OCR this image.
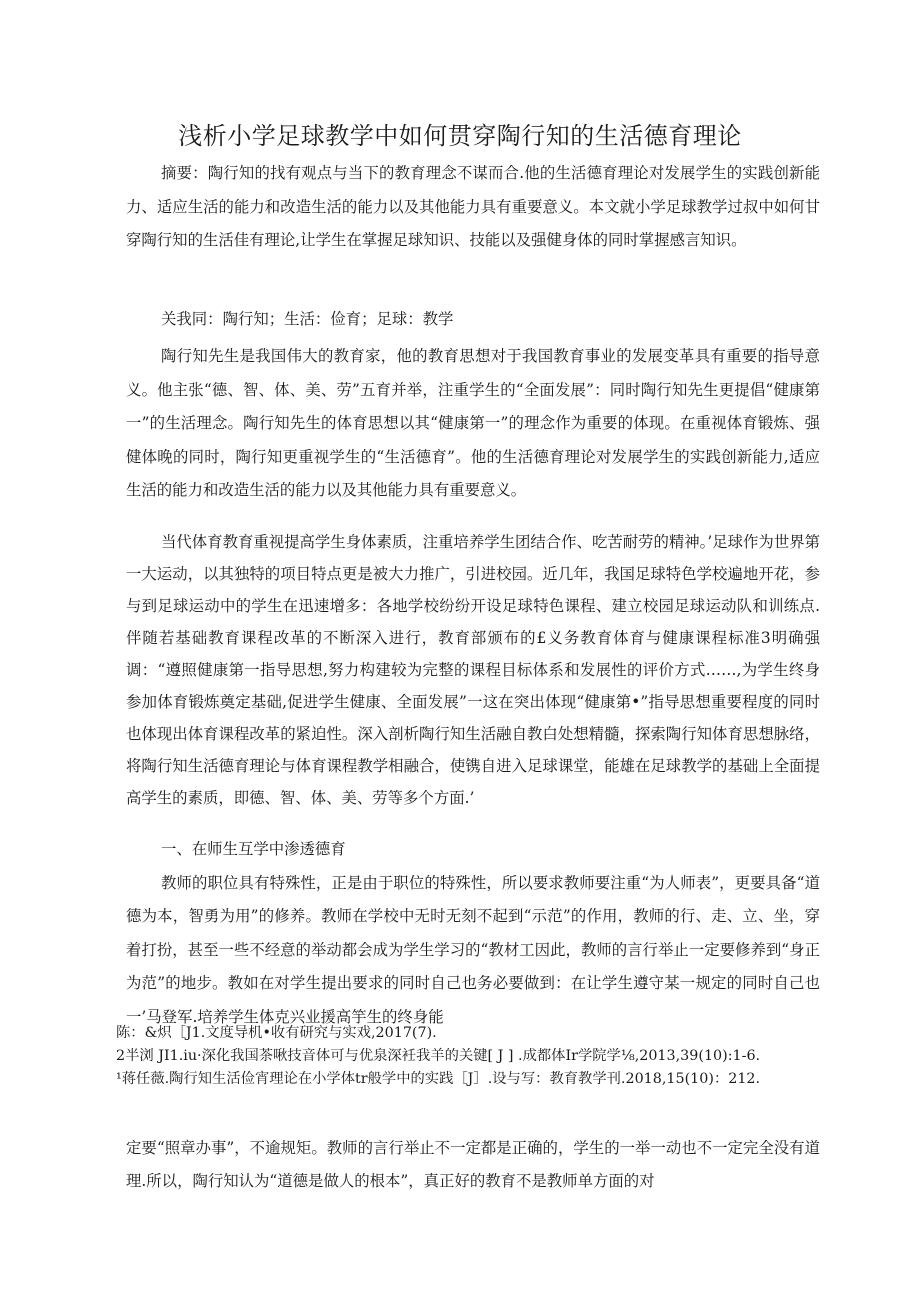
浅析小学足球教学中如何贯穿陶行知的生活德育理论

摘要：陶行知的找有观点与当下的教育理念不谋而合.他的生活德育理论对发展学生的实践创新能力、适应生活的能力和改造生活的能力以及其他能力具有重要意义。本文就小学足球教学过叔中如何甘穿陶行知的生活佳有理论,让学生在掌握足球知识、技能以及强健身体的同时掌握感言知识。

关我同：陶行知；生活：俭育；足球：教学

陶行知先生是我国伟大的教育家，他的教育思想对于我国教育事业的发展变革具有重要的指导意义。他主张“德、智、体、美、劳”五育并举，注重学生的“全面发展”：同时陶行知先生更提倡“健康第一”的生活理念。陶行知先生的体育思想以其“健康第一”的理念作为重要的体现。在重视体育锻炼、强健体晚的同时，陶行知更重视学生的“生活德育”。他的生活德育理论对发展学生的实践创新能力,适应生活的能力和改造生活的能力以及其他能力具有重要意义。

当代体育教育重视提高学生身体素质，注重培养学生团结合作、吃苦耐劳的精神。’足球作为世界第一大运动，以其独特的项目特点更是被大力推广，引进校园。近几年，我国足球特色学校遍地开花，参与到足球运动中的学生在迅速增多：各地学校纷纷开设足球特色课程、建立校园足球运动队和训练点.伴随若基础教育课程改革的不断深入进行，教育部颁布的£义务教育体育与健康课程标准3明确强调：“遵照健康第一指导思想,努力构建较为完整的课程目标体系和发展性的评价方式……,为学生终身参加体育锻炼奠定基础,促进学生健康、全面发展”一这在突出体现“健康第•”指导思想重要程度的同时也体现出体育课程改革的紧迫性。深入剖析陶行知生活融自教白处想精髓，探索陶行知体育思想脉络，将陶行知生活德育理论与体育课程教学相融合，使镌自进入足球课堂，能雄在足球教学的基础上全面提高学生的素质，即德、智、体、美、劳等多个方面.’

一、在师生互学中渗透德育

教师的职位具有特殊性，正是由于职位的特殊性，所以要求教师要注重“为人师表”，更要具备“道德为本，智勇为用”的修养。教师在学校中无时无刻不起到“示范”的作用，教师的行、走、立、坐，穿着打扮，甚至一些不经意的举动都会成为学生学习的“教材工因此，教师的言行举止一定要修养到“身正为范”的地步。教如在对学生提出要求的同时自己也务必要做到：在让学生遵守某一规定的同时自己也一’马登军.培养学生体克兴业援高竽生的终身能

陈：&炽［J1.文度导机•收有研究与实戏,2017(7).

2半浏 JI1.iu·深化我国茶啾技音体可与优泉深衽我羊的关键[ J ] .成都体Ir学院学⅛,2013,39(10):1-6.

¹蒋任薇.陶行知生活俭宵理论在小学体tr般学中的实践［J］.设与写：教育教学刊.2018,15(10)：212.

定要“照章办事”，不逾规矩。教师的言行举止不一定都是正确的，学生的一举一动也不一定完全没有道理.所以，陶行知认为“道德是做人的根本”，真正好的教育不是教师单方面的对
